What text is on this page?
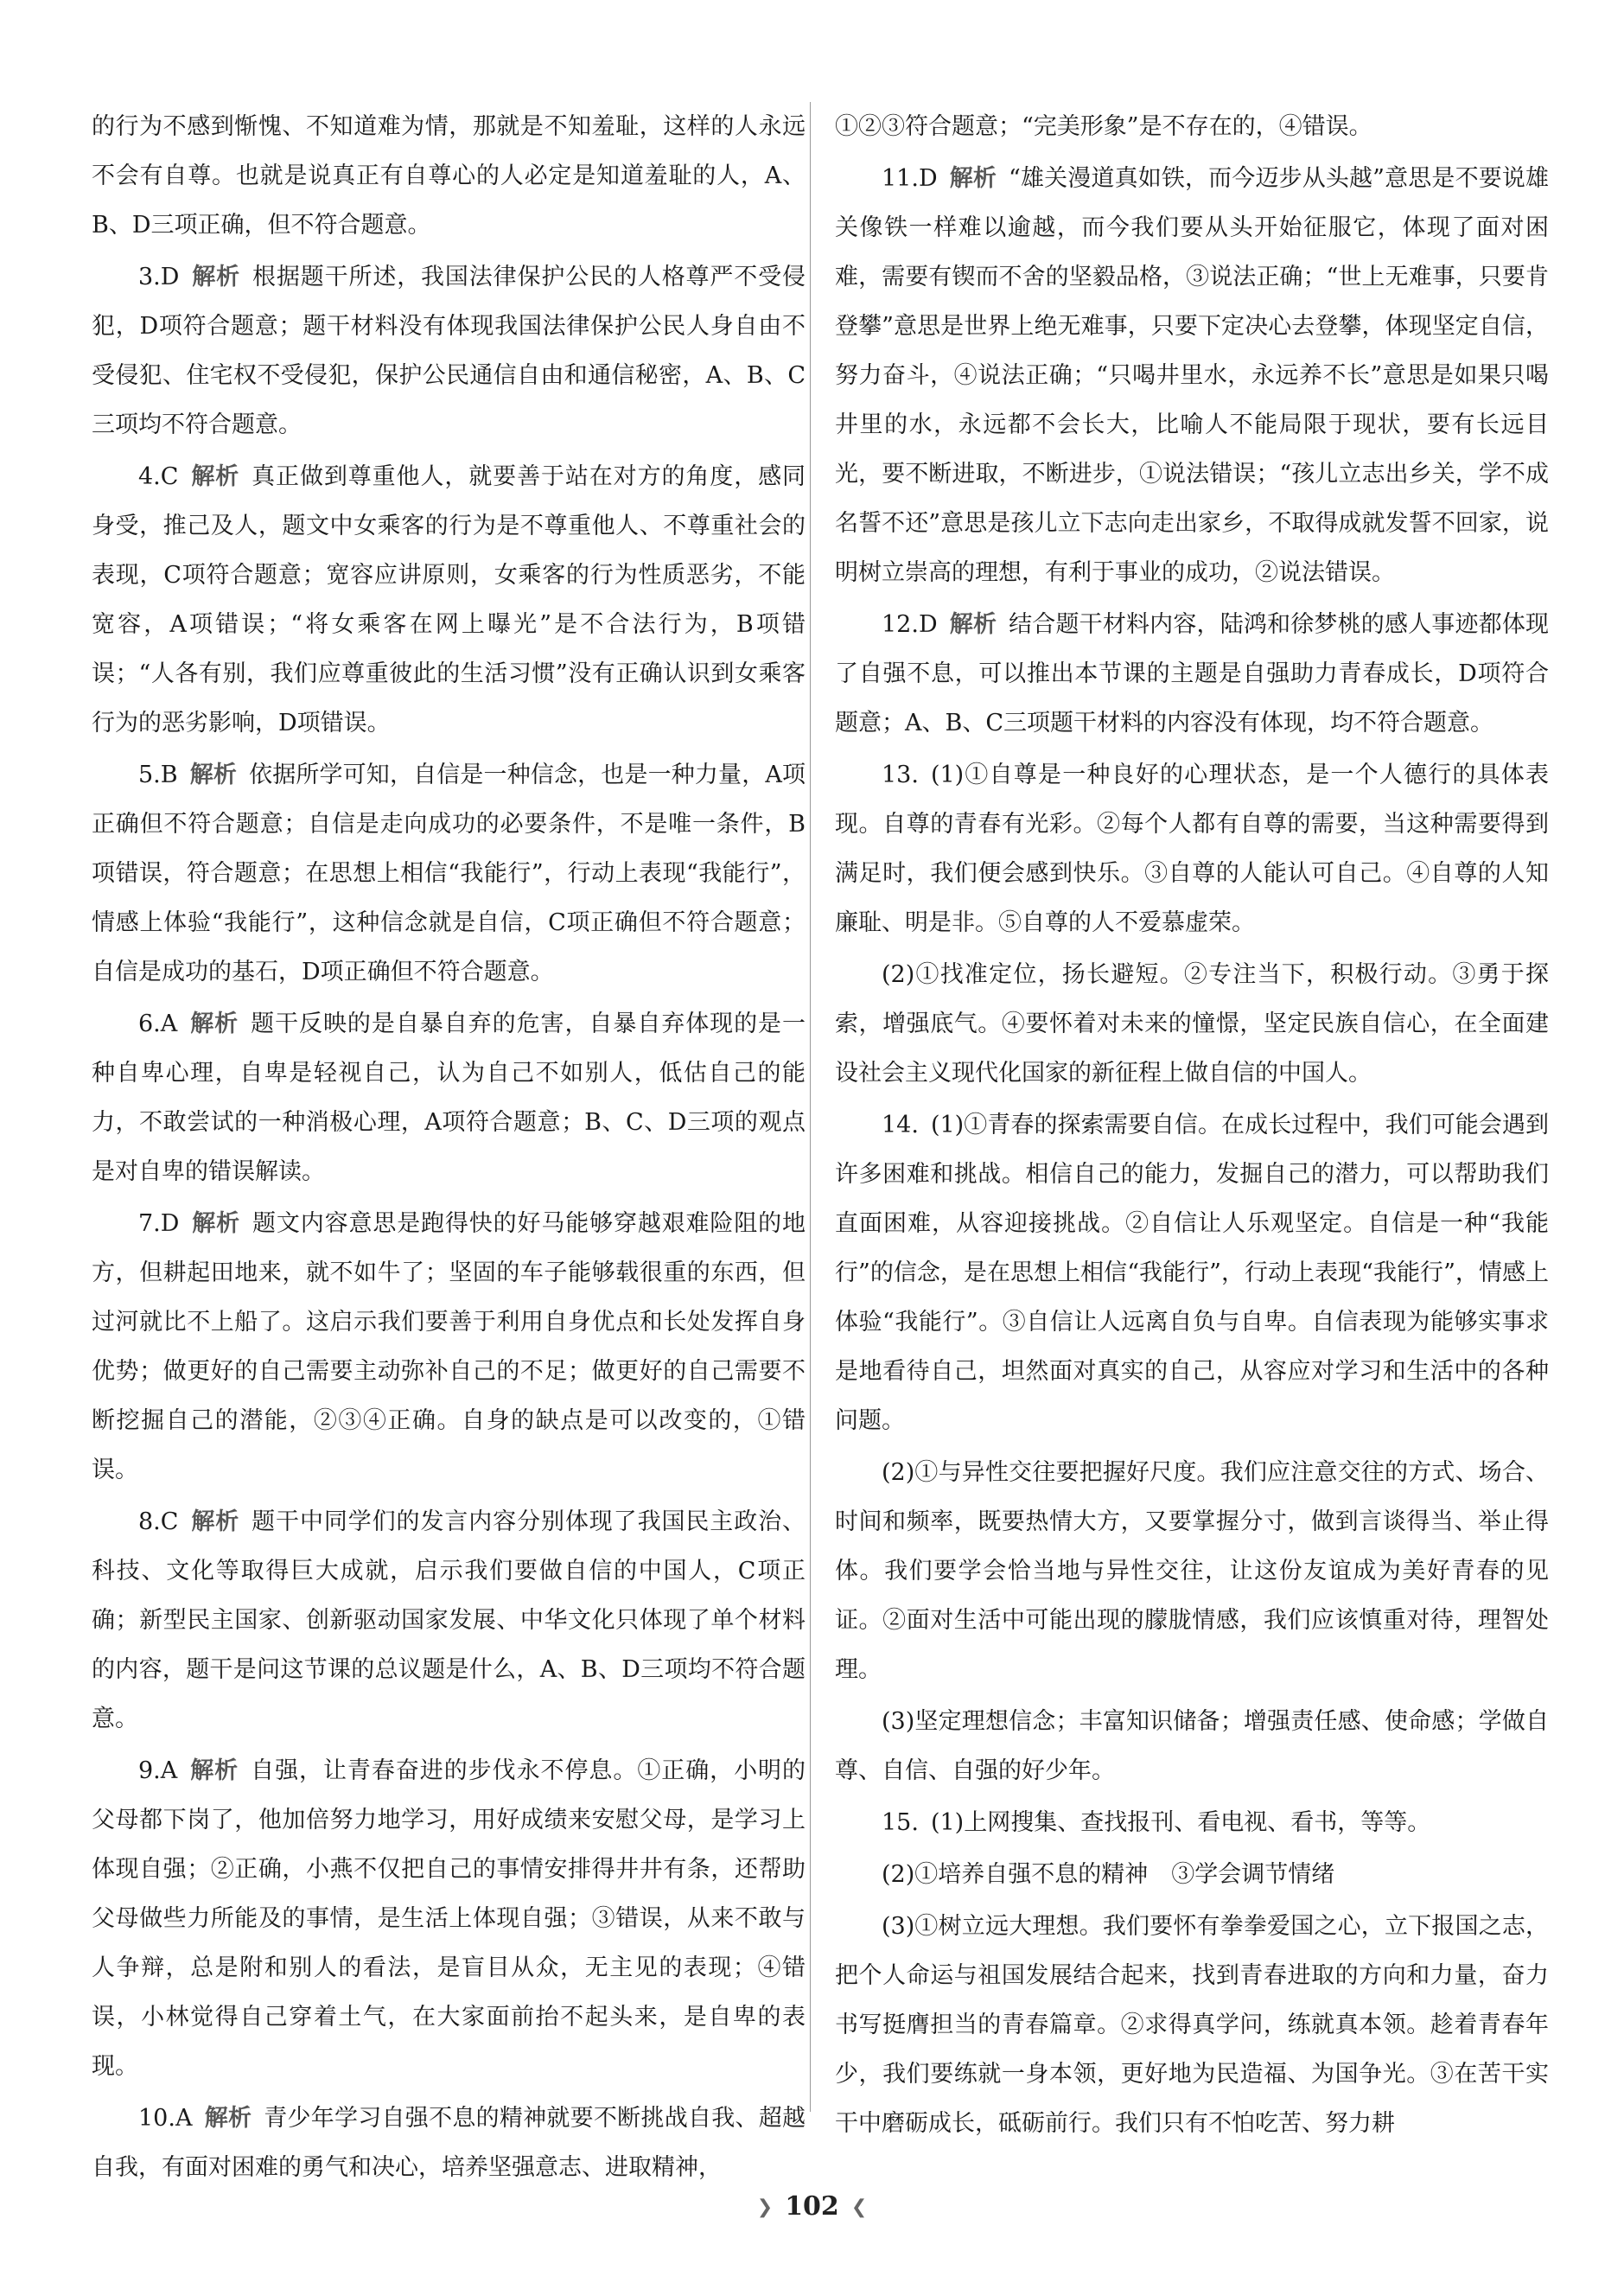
的行为不感到惭愧、不知道难为情，那就是不知羞耻，这样的人永远不会有自尊。也就是说真正有自尊心的人必定是知道羞耻的人，A、B、D三项正确，但不符合题意。

3.D 解析 根据题干所述，我国法律保护公民的人格尊严不受侵犯，D项符合题意；题干材料没有体现我国法律保护公民人身自由不受侵犯、住宅权不受侵犯，保护公民通信自由和通信秘密，A、B、C三项均不符合题意。

4.C 解析 真正做到尊重他人，就要善于站在对方的角度，感同身受，推己及人，题文中女乘客的行为是不尊重他人、不尊重社会的表现，C项符合题意；宽容应讲原则，女乘客的行为性质恶劣，不能宽容，A项错误；“将女乘客在网上曝光”是不合法行为，B项错误；“人各有别，我们应尊重彼此的生活习惯”没有正确认识到女乘客行为的恶劣影响，D项错误。

5.B 解析 依据所学可知，自信是一种信念，也是一种力量，A项正确但不符合题意；自信是走向成功的必要条件，不是唯一条件，B项错误，符合题意；在思想上相信“我能行”，行动上表现“我能行”，情感上体验“我能行”，这种信念就是自信，C项正确但不符合题意；自信是成功的基石，D项正确但不符合题意。

6.A 解析 题干反映的是自暴自弃的危害，自暴自弃体现的是一种自卑心理，自卑是轻视自己，认为自己不如别人，低估自己的能力，不敢尝试的一种消极心理，A项符合题意；B、C、D三项的观点是对自卑的错误解读。

7.D 解析 题文内容意思是跑得快的好马能够穿越艰难险阻的地方，但耕起田地来，就不如牛了；坚固的车子能够载很重的东西，但过河就比不上船了。这启示我们要善于利用自身优点和长处发挥自身优势；做更好的自己需要主动弥补自己的不足；做更好的自己需要不断挖掘自己的潜能，②③④正确。自身的缺点是可以改变的，①错误。

8.C 解析 题干中同学们的发言内容分别体现了我国民主政治、科技、文化等取得巨大成就，启示我们要做自信的中国人，C项正确；新型民主国家、创新驱动国家发展、中华文化只体现了单个材料的内容，题干是问这节课的总议题是什么，A、B、D三项均不符合题意。

9.A 解析 自强，让青春奋进的步伐永不停息。①正确，小明的父母都下岗了，他加倍努力地学习，用好成绩来安慰父母，是学习上体现自强；②正确，小燕不仅把自己的事情安排得井井有条，还帮助父母做些力所能及的事情，是生活上体现自强；③错误，从来不敢与人争辩，总是附和别人的看法，是盲目从众，无主见的表现；④错误，小林觉得自己穿着土气，在大家面前抬不起头来，是自卑的表现。

10.A 解析 青少年学习自强不息的精神就要不断挑战自我、超越自我，有面对困难的勇气和决心，培养坚强意志、进取精神，

①②③符合题意；“完美形象”是不存在的，④错误。

11.D 解析 “雄关漫道真如铁，而今迈步从头越”意思是不要说雄关像铁一样难以逾越，而今我们要从头开始征服它，体现了面对困难，需要有锲而不舍的坚毅品格，③说法正确；“世上无难事，只要肯登攀”意思是世界上绝无难事，只要下定决心去登攀，体现坚定自信，努力奋斗，④说法正确；“只喝井里水，永远养不长”意思是如果只喝井里的水，永远都不会长大，比喻人不能局限于现状，要有长远目光，要不断进取，不断进步，①说法错误；“孩儿立志出乡关，学不成名誓不还”意思是孩儿立下志向走出家乡，不取得成就发誓不回家，说明树立崇高的理想，有利于事业的成功，②说法错误。

12.D 解析 结合题干材料内容，陆鸿和徐梦桃的感人事迹都体现了自强不息，可以推出本节课的主题是自强助力青春成长，D项符合题意；A、B、C三项题干材料的内容没有体现，均不符合题意。

13. (1)①自尊是一种良好的心理状态，是一个人德行的具体表现。自尊的青春有光彩。②每个人都有自尊的需要，当这种需要得到满足时，我们便会感到快乐。③自尊的人能认可自己。④自尊的人知廉耻、明是非。⑤自尊的人不爱慕虚荣。

(2)①找准定位，扬长避短。②专注当下，积极行动。③勇于探索，增强底气。④要怀着对未来的憧憬，坚定民族自信心，在全面建设社会主义现代化国家的新征程上做自信的中国人。

14. (1)①青春的探索需要自信。在成长过程中，我们可能会遇到许多困难和挑战。相信自己的能力，发掘自己的潜力，可以帮助我们直面困难，从容迎接挑战。②自信让人乐观坚定。自信是一种“我能行”的信念，是在思想上相信“我能行”，行动上表现“我能行”，情感上体验“我能行”。③自信让人远离自负与自卑。自信表现为能够实事求是地看待自己，坦然面对真实的自己，从容应对学习和生活中的各种问题。

(2)①与异性交往要把握好尺度。我们应注意交往的方式、场合、时间和频率，既要热情大方，又要掌握分寸，做到言谈得当、举止得体。我们要学会恰当地与异性交往，让这份友谊成为美好青春的见证。②面对生活中可能出现的朦胧情感，我们应该慎重对待，理智处理。

(3)坚定理想信念；丰富知识储备；增强责任感、使命感；学做自尊、自信、自强的好少年。

15. (1)上网搜集、查找报刊、看电视、看书，等等。

(2)①培养自强不息的精神　③学会调节情绪

(3)①树立远大理想。我们要怀有拳拳爱国之心，立下报国之志，把个人命运与祖国发展结合起来，找到青春进取的方向和力量，奋力书写挺膺担当的青春篇章。②求得真学问，练就真本领。趁着青春年少，我们要练就一身本领，更好地为民造福、为国争光。③在苦干实干中磨砺成长，砥砺前行。我们只有不怕吃苦、努力耕

❯ 102 ❮
